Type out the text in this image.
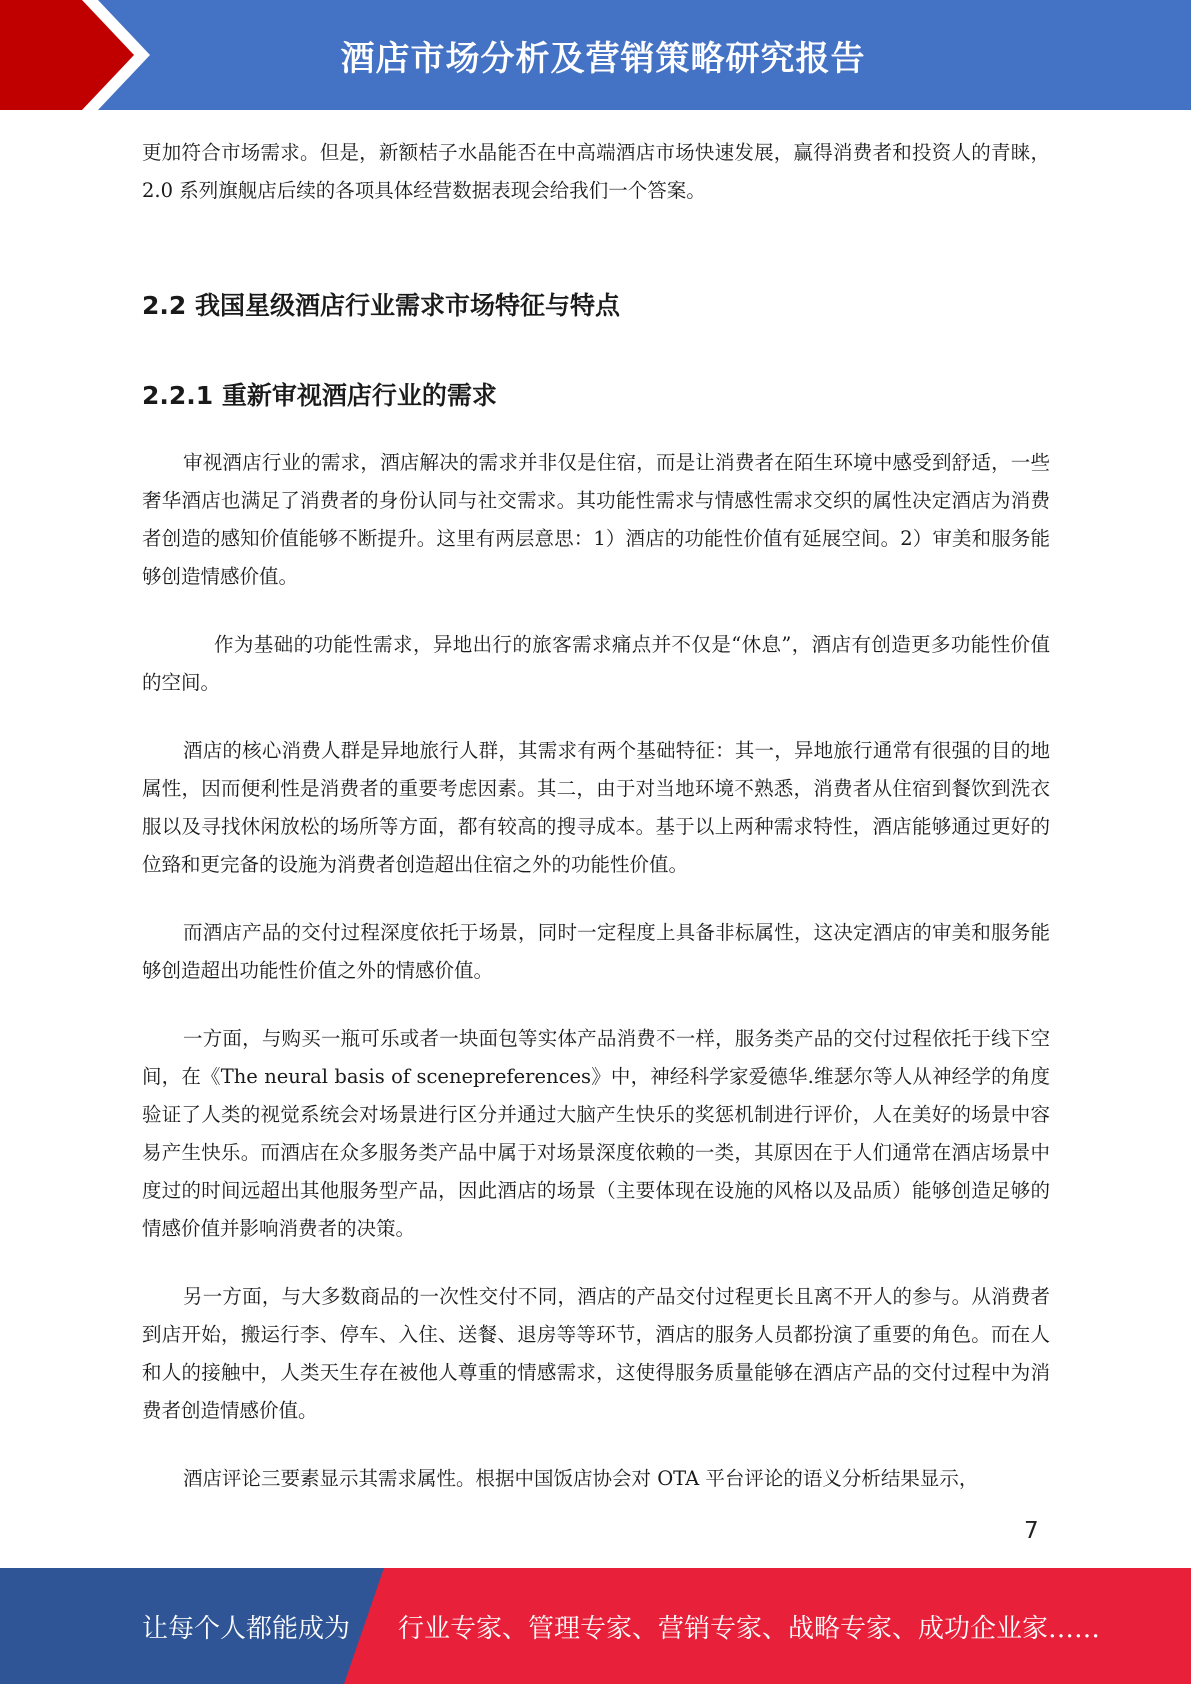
酒店市场分析及营销策略研究报告

更加符合市场需求。但是，新额桔子水晶能否在中高端酒店市场快速发展，赢得消费者和投资人的青睐，2.0 系列旗舰店后续的各项具体经营数据表现会给我们一个答案。

2.2 我国星级酒店行业需求市场特征与特点
2.2.1 重新审视酒店行业的需求

审视酒店行业的需求，酒店解决的需求并非仅是住宿，而是让消费者在陌生环境中感受到舒适，一些奢华酒店也满足了消费者的身份认同与社交需求。其功能性需求与情感性需求交织的属性决定酒店为消费者创造的感知价值能够不断提升。这里有两层意思：1）酒店的功能性价值有延展空间。2）审美和服务能够创造情感价值。

作为基础的功能性需求，异地出行的旅客需求痛点并不仅是“休息”，酒店有创造更多功能性价值的空间。

酒店的核心消费人群是异地旅行人群，其需求有两个基础特征：其一，异地旅行通常有很强的目的地属性，因而便利性是消费者的重要考虑因素。其二，由于对当地环境不熟悉，消费者从住宿到餐饮到洗衣服以及寻找休闲放松的场所等方面，都有较高的搜寻成本。基于以上两种需求特性，酒店能够通过更好的位臵和更完备的设施为消费者创造超出住宿之外的功能性价值。

而酒店产品的交付过程深度依托于场景，同时一定程度上具备非标属性，这决定酒店的审美和服务能够创造超出功能性价值之外的情感价值。

一方面，与购买一瓶可乐或者一块面包等实体产品消费不一样，服务类产品的交付过程依托于线下空间，在《The neural basis of scenepreferences》中，神经科学家爱德华.维瑟尔等人从神经学的角度验证了人类的视觉系统会对场景进行区分并通过大脑产生快乐的奖惩机制进行评价，人在美好的场景中容易产生快乐。而酒店在众多服务类产品中属于对场景深度依赖的一类，其原因在于人们通常在酒店场景中度过的时间远超出其他服务型产品，因此酒店的场景（主要体现在设施的风格以及品质）能够创造足够的情感价值并影响消费者的决策。

另一方面，与大多数商品的一次性交付不同，酒店的产品交付过程更长且离不开人的参与。从消费者到店开始，搬运行李、停车、入住、送餐、退房等等环节，酒店的服务人员都扮演了重要的角色。而在人和人的接触中，人类天生存在被他人尊重的情感需求，这使得服务质量能够在酒店产品的交付过程中为消费者创造情感价值。

酒店评论三要素显示其需求属性。根据中国饭店协会对 OTA 平台评论的语义分析结果显示，

7
让每个人都能成为 行业专家、管理专家、营销专家、战略专家、成功企业家……
